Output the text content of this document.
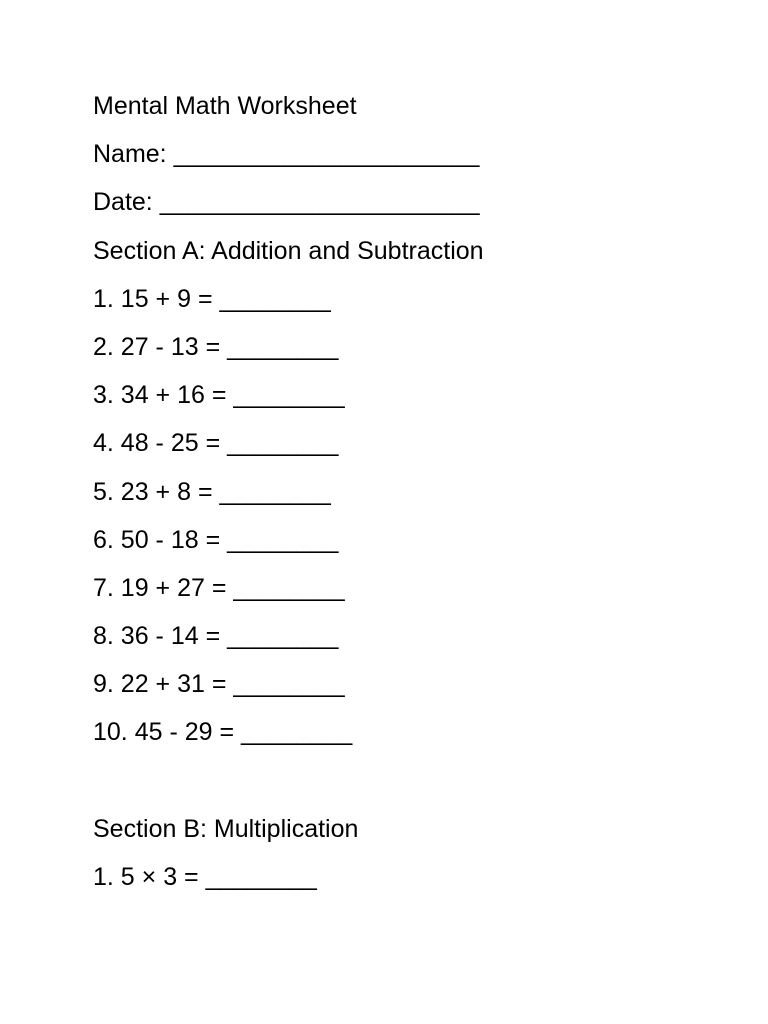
Mental Math Worksheet
Name: ______________________
Date: _______________________
Section A: Addition and Subtraction
1. 15 + 9 = ________
2. 27 - 13 = ________
3. 34 + 16 = ________
4. 48 - 25 = ________
5. 23 + 8 = ________
6. 50 - 18 = ________
7. 19 + 27 = ________
8. 36 - 14 = ________
9. 22 + 31 = ________
10. 45 - 29 = ________
Section B: Multiplication
1. 5 × 3 = ________
